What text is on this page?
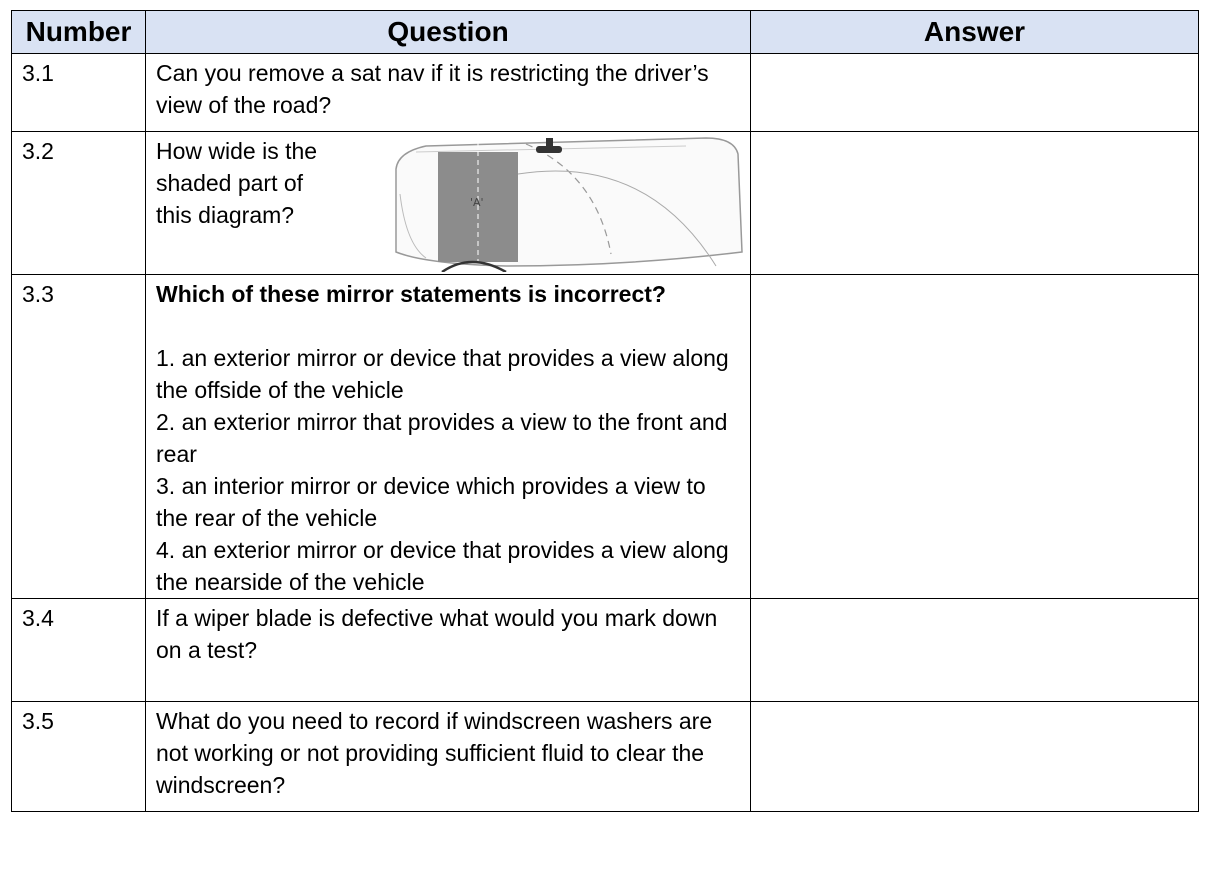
Number	Question	Answer
3.1	Can you remove a sat nav if it is restricting the driver’s view of the road?	
3.2	How wide is the shaded part of this diagram? 'A'	

3.3	Which of these mirror statements is incorrect?
1. an exterior mirror or device that provides a view along the offside of the vehicle
2. an exterior mirror that provides a view to the front and rear
3. an interior mirror or device which provides a view to the rear of the vehicle
4. an exterior mirror or device that provides a view along the nearside of the vehicle	

3.4	If a wiper blade is defective what would you mark down on a test?	
3.5	What do you need to record if windscreen washers are not working or not providing sufficient fluid to clear the windscreen?	
